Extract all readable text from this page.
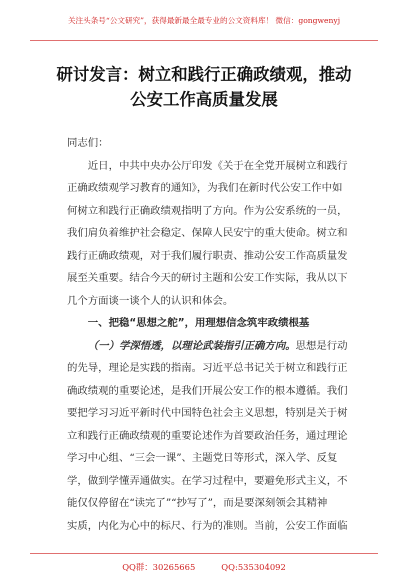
关注头条号“公文研究”，获得最新最全最专业的公文资料库！ 微信：gongwenyj
研讨发言：树立和践行正确政绩观，推动
公安工作高质量发展
同志们：
近日，中共中央办公厅印发《关于在全党开展树立和践行
正确政绩观学习教育的通知》，为我们在新时代公安工作中如
何树立和践行正确政绩观指明了方向。作为公安系统的一员，
我们肩负着维护社会稳定、保障人民安宁的重大使命。树立和
践行正确政绩观，对于我们履行职责、推动公安工作高质量发
展至关重要。结合今天的研讨主题和公安工作实际，我从以下
几个方面谈一谈个人的认识和体会。
一、把稳“思想之舵”，用理想信念筑牢政绩根基
（一）学深悟透，以理论武装指引正确方向。思想是行动
的先导，理论是实践的指南。习近平总书记关于树立和践行正
确政绩观的重要论述，是我们开展公安工作的根本遵循。我们
要把学习习近平新时代中国特色社会主义思想，特别是关于树
立和践行正确政绩观的重要论述作为首要政治任务，通过理论
学习中心组、“三会一课”、主题党日等形式，深入学、反复
学，做到学懂弄通做实。在学习过程中，要避免形式主义，不
能仅仅停留在“读完了”“抄写了”，而是要深刻领会其精神
实质，内化为心中的标尺、行为的准则。当前，公安工作面临
QQ群：30265665	QQ:535304092
